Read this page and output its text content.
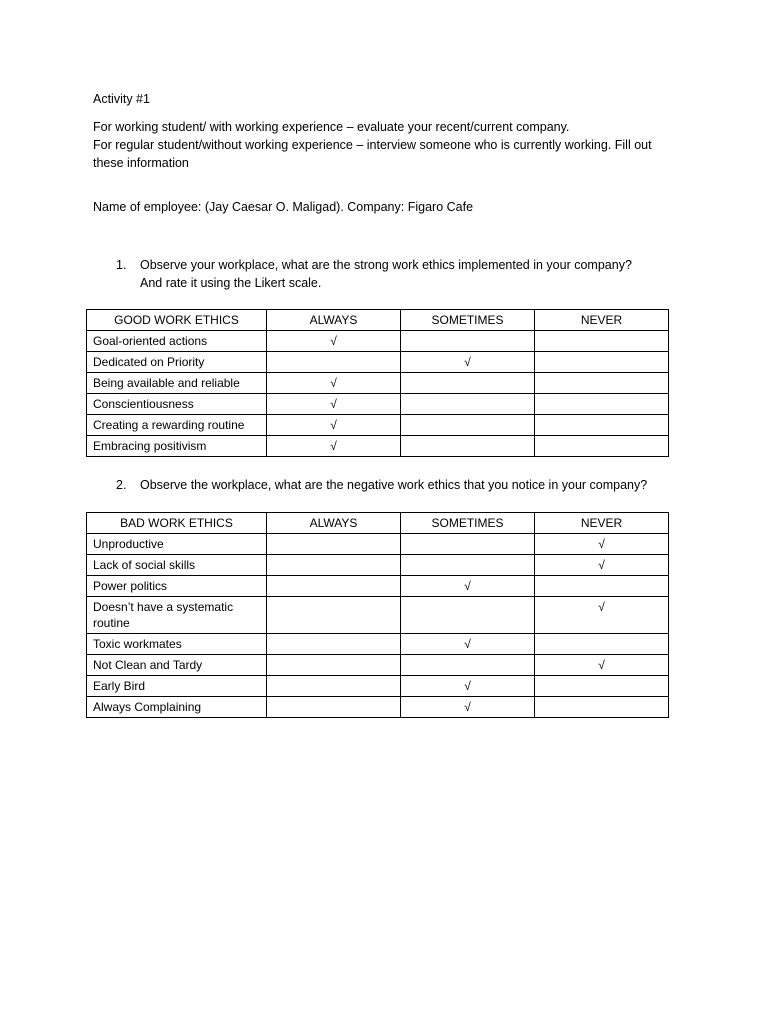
Activity #1

For working student/ with working experience – evaluate your recent/current company.

For regular student/without working experience – interview someone who is currently working. Fill out these information

Name of employee: (Jay Caesar O. Maligad). Company: Figaro Cafe
1. Observe your workplace, what are the strong work ethics implemented in your company?
And rate it using the Likert scale.
GOOD WORK ETHICS	ALWAYS	SOMETIMES	NEVER
Goal-oriented actions	√		
Dedicated on Priority		√	
Being available and reliable	√		
Conscientiousness	√		
Creating a rewarding routine	√		
Embracing positivism	√		
2. Observe the workplace, what are the negative work ethics that you notice in your company?
BAD WORK ETHICS	ALWAYS	SOMETIMES	NEVER
Unproductive			√
Lack of social skills			√
Power politics		√	
Doesn’t have a systematic routine			√
Toxic workmates		√	
Not Clean and Tardy			√
Early Bird		√	
Always Complaining		√	
